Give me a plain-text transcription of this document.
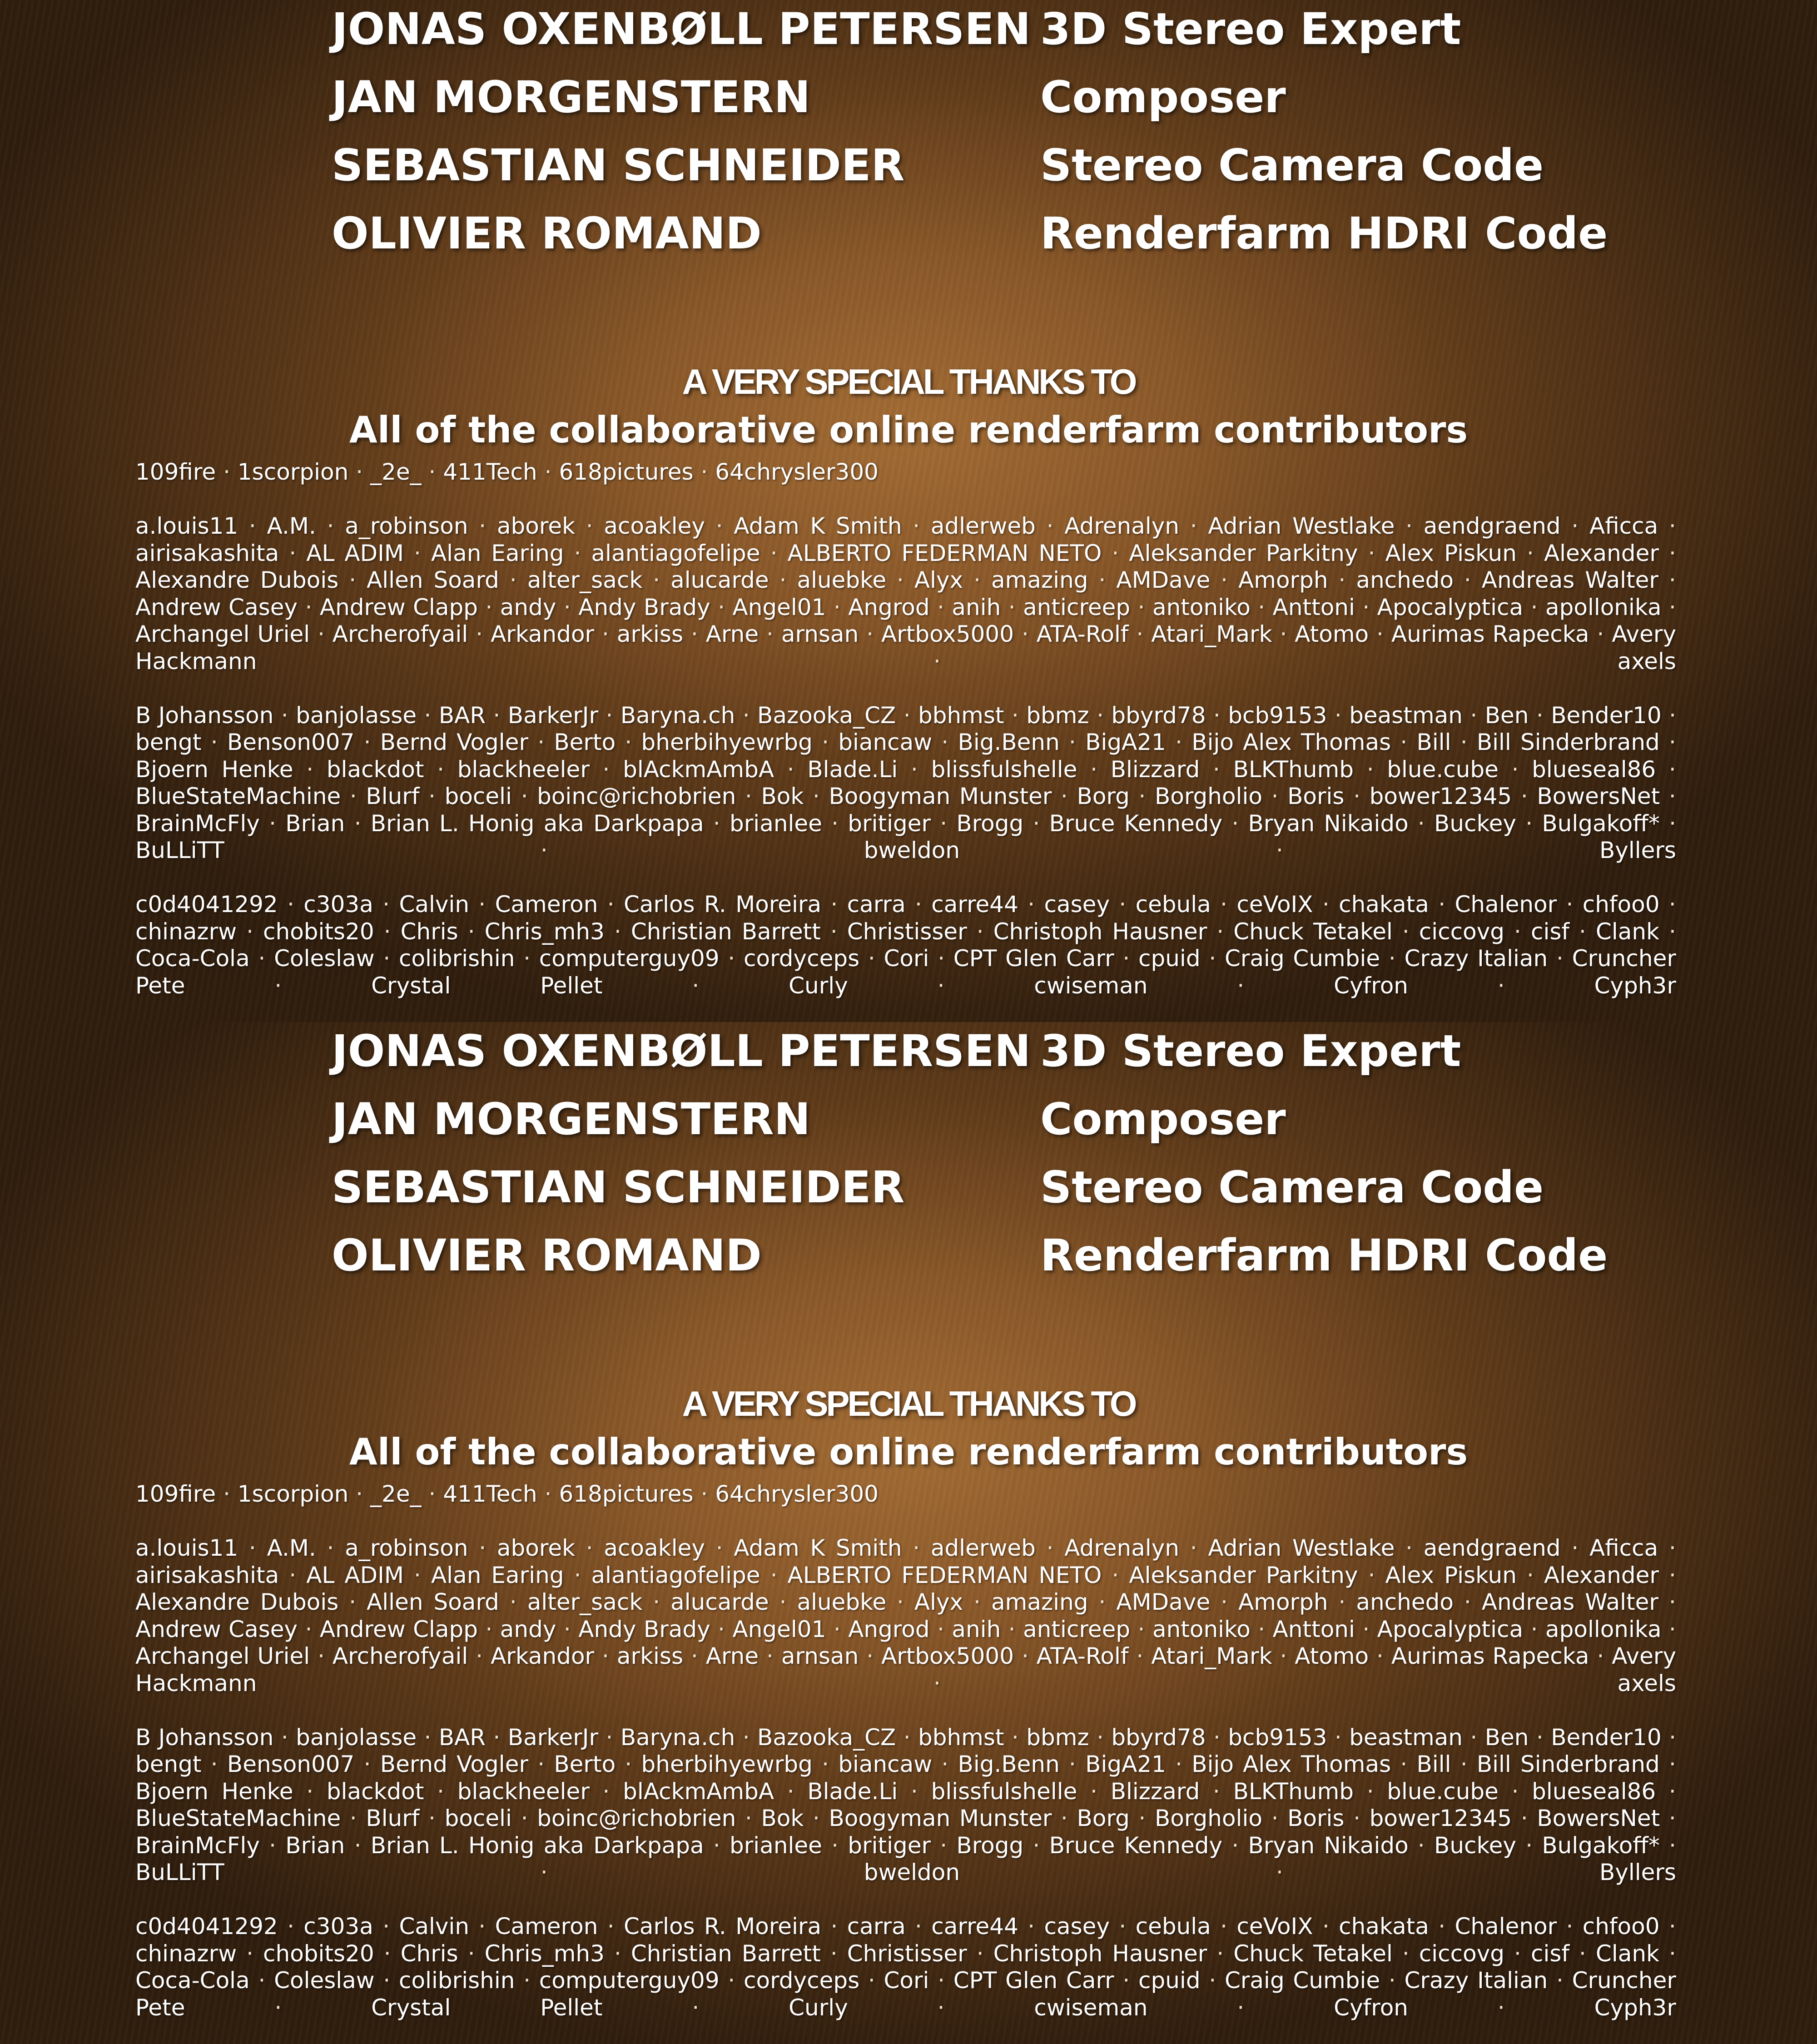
JONAS OXENBØLL PETERSEN 3D Stereo Expert
JAN MORGENSTERN	Composer
SEBASTIAN SCHNEIDER	Stereo Camera Code
OLIVIER ROMAND	Renderfarm HDRI Code
A VERY SPECIAL THANKS TO
All of the collaborative online renderfarm contributors

109fire · 1scorpion · _2e_ · 411Tech · 618pictures · 64chrysler300

a.louis11 · A.M. · a_robinson · aborek · acoakley · Adam K Smith · adlerweb · Adrenalyn · Adrian Westlake · aendgraend · Aficca · airisakashita · AL ADIM · Alan Earing · alantiagofelipe · ALBERTO FEDERMAN NETO · Aleksander Parkitny · Alex Piskun · Alexander · Alexandre Dubois · Allen Soard · alter_sack · alucarde · aluebke · Alyx · amazing · AMDave · Amorph · anchedo · Andreas Walter · Andrew Casey · Andrew Clapp · andy · Andy Brady · Angel01 · Angrod · anih · anticreep · antoniko · Anttoni · Apocalyptica · apollonika · Archangel Uriel · Archerofyail · Arkandor · arkiss · Arne · arnsan · Artbox5000 · ATA-Rolf · Atari_Mark · Atomo · Aurimas Rapecka · Avery Hackmann	·	axels

B Johansson · banjolasse · BAR · BarkerJr · Baryna.ch · Bazooka_CZ · bbhmst · bbmz · bbyrd78 · bcb9153 · beastman · Ben · Bender10 · bengt · Benson007 · Bernd Vogler · Berto · bherbihyewrbg · biancaw · Big.Benn · BigA21 · Bijo Alex Thomas · Bill · Bill Sinderbrand · Bjoern Henke · blackdot · blackheeler · blAckmAmbA · Blade.Li · blissfulshelle · Blizzard · BLKThumb · blue.cube · blueseal86 · BlueStateMachine · Blurf · boceli · boinc@richobrien · Bok · Boogyman Munster · Borg · Borgholio · Boris · bower12345 · BowersNet · BrainMcFly · Brian · Brian L. Honig aka Darkpapa · brianlee · britiger · Brogg · Bruce Kennedy · Bryan Nikaido · Buckey · Bulgakoff* · BuLLiTT	·	bweldon	·	Byllers

c0d4041292 · c303a · Calvin · Cameron · Carlos R. Moreira · carra · carre44 · casey · cebula · ceVoIX · chakata · Chalenor · chfoo0 · chinazrw · chobits20 · Chris · Chris_mh3 · Christian Barrett · Christisser · Christoph Hausner · Chuck Tetakel · ciccovg · cisf · Clank · Coca-Cola · Coleslaw · colibrishin · computerguy09 · cordyceps · Cori · CPT Glen Carr · cpuid · Craig Cumbie · Crazy Italian · Cruncher Pete	·	Crystal Pellet	·	Curly	·	cwiseman	·	Cyfron	·	Cyph3r

JONAS OXENBØLL PETERSEN 3D Stereo Expert
JAN MORGENSTERN	Composer
SEBASTIAN SCHNEIDER	Stereo Camera Code
OLIVIER ROMAND	Renderfarm HDRI Code
A VERY SPECIAL THANKS TO
All of the collaborative online renderfarm contributors

109fire · 1scorpion · _2e_ · 411Tech · 618pictures · 64chrysler300

a.louis11 · A.M. · a_robinson · aborek · acoakley · Adam K Smith · adlerweb · Adrenalyn · Adrian Westlake · aendgraend · Aficca · airisakashita · AL ADIM · Alan Earing · alantiagofelipe · ALBERTO FEDERMAN NETO · Aleksander Parkitny · Alex Piskun · Alexander · Alexandre Dubois · Allen Soard · alter_sack · alucarde · aluebke · Alyx · amazing · AMDave · Amorph · anchedo · Andreas Walter · Andrew Casey · Andrew Clapp · andy · Andy Brady · Angel01 · Angrod · anih · anticreep · antoniko · Anttoni · Apocalyptica · apollonika · Archangel Uriel · Archerofyail · Arkandor · arkiss · Arne · arnsan · Artbox5000 · ATA-Rolf · Atari_Mark · Atomo · Aurimas Rapecka · Avery Hackmann	·	axels

B Johansson · banjolasse · BAR · BarkerJr · Baryna.ch · Bazooka_CZ · bbhmst · bbmz · bbyrd78 · bcb9153 · beastman · Ben · Bender10 · bengt · Benson007 · Bernd Vogler · Berto · bherbihyewrbg · biancaw · Big.Benn · BigA21 · Bijo Alex Thomas · Bill · Bill Sinderbrand · Bjoern Henke · blackdot · blackheeler · blAckmAmbA · Blade.Li · blissfulshelle · Blizzard · BLKThumb · blue.cube · blueseal86 · BlueStateMachine · Blurf · boceli · boinc@richobrien · Bok · Boogyman Munster · Borg · Borgholio · Boris · bower12345 · BowersNet · BrainMcFly · Brian · Brian L. Honig aka Darkpapa · brianlee · britiger · Brogg · Bruce Kennedy · Bryan Nikaido · Buckey · Bulgakoff* · BuLLiTT	·	bweldon	·	Byllers

c0d4041292 · c303a · Calvin · Cameron · Carlos R. Moreira · carra · carre44 · casey · cebula · ceVoIX · chakata · Chalenor · chfoo0 · chinazrw · chobits20 · Chris · Chris_mh3 · Christian Barrett · Christisser · Christoph Hausner · Chuck Tetakel · ciccovg · cisf · Clank · Coca-Cola · Coleslaw · colibrishin · computerguy09 · cordyceps · Cori · CPT Glen Carr · cpuid · Craig Cumbie · Crazy Italian · Cruncher Pete	·	Crystal Pellet	·	Curly	·	cwiseman	·	Cyfron	·	Cyph3r
